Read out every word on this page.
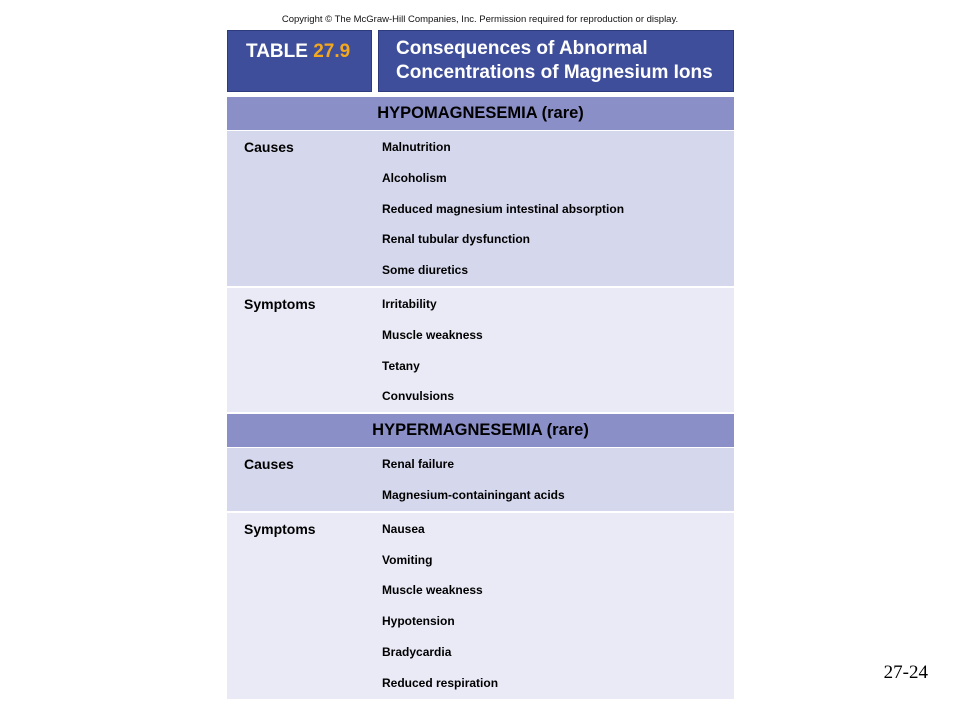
Copyright © The McGraw-Hill Companies, Inc. Permission required for reproduction or display.
TABLE 27.9 Consequences of Abnormal
Concentrations of Magnesium Ions
HYPOMAGNESEMIA (rare)
Causes	Malnutrition
Alcoholism
Reduced magnesium intestinal absorption
Renal tubular dysfunction
Some diuretics
Symptoms	Irritability
Muscle weakness
Tetany
Convulsions
HYPERMAGNESEMIA (rare)
Causes	Renal failure
Magnesium-containingant acids
Symptoms	Nausea
Vomiting
Muscle weakness
Hypotension
Bradycardia
Reduced respiration	27-24
